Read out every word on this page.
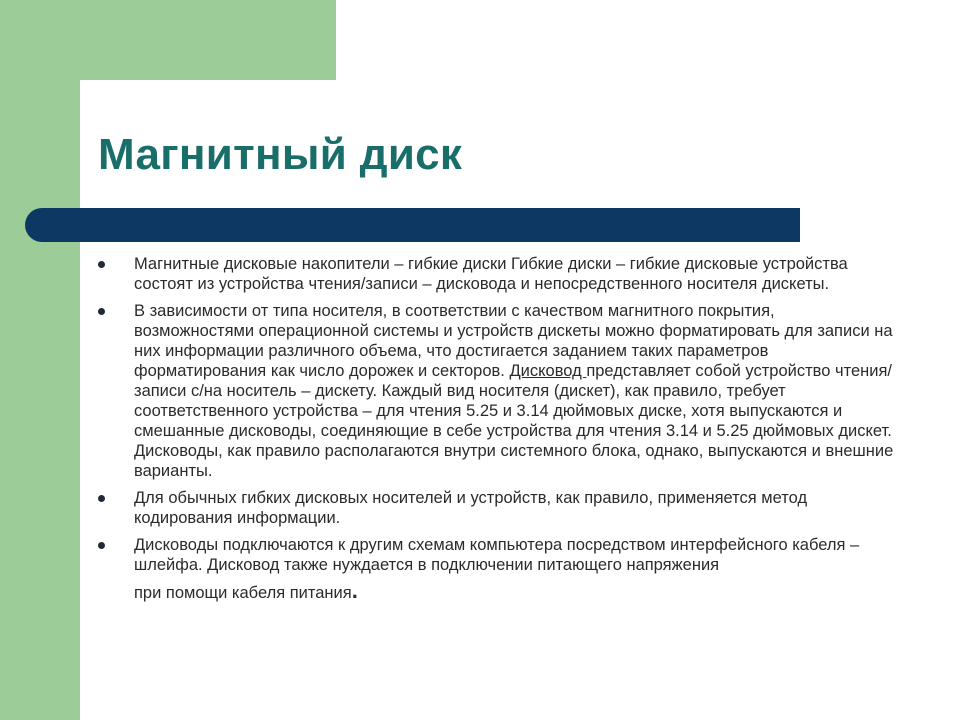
Магнитный диск
Магнитные дисковые накопители – гибкие диски Гибкие диски – гибкие дисковые устройства состоят из устройства чтения/записи – дисковода и непосредственного носителя дискеты.
В зависимости от типа носителя, в соответствии с качеством магнитного покрытия, возможностями операционной системы и устройств дискеты можно форматировать для записи на них информации различного объема, что достигается заданием таких параметров форматирования как число дорожек и секторов. Дисковод представляет собой устройство чтения/записи с/на носитель – дискету. Каждый вид носителя (дискет), как правило, требует соответственного устройства – для чтения 5.25 и 3.14 дюймовых диске, хотя выпускаются и смешанные дисководы, соединяющие в себе устройства для чтения 3.14 и 5.25 дюймовых дискет. Дисководы, как правило располагаются внутри системного блока, однако, выпускаются и внешние варианты.
Для обычных гибких дисковых носителей и устройств, как правило, применяется метод кодирования информации.
Дисководы подключаются к другим схемам компьютера посредством интерфейсного кабеля – шлейфа. Дисковод также нуждается в подключении питающего напряжения
при помощи кабеля питания.
